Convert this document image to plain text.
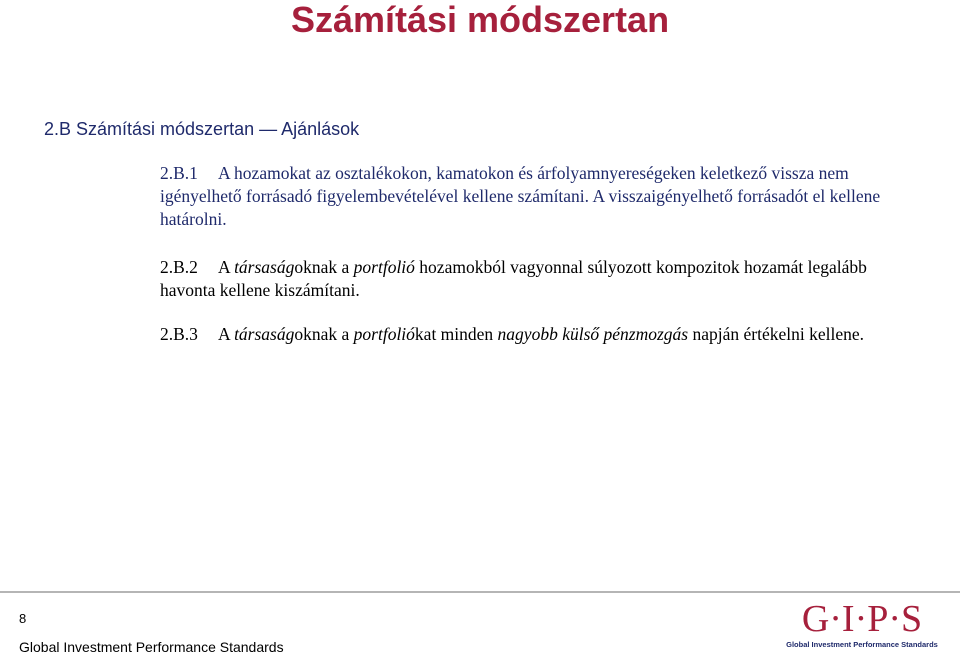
Számítási módszertan

2.B Számítási módszertan — Ajánlások

2.B.1 A hozamokat az osztalékokon, kamatokon és árfolyamnyereségeken keletkező vissza nem igényelhető forrásadó figyelembevételével kellene számítani. A visszaigényelhető forrásadót el kellene határolni.

2.B.2 A társaságoknak a portfolió hozamokból vagyonnal súlyozott kompozitok hozamát legalább havonta kellene kiszámítani.

2.B.3 A társaságoknak a portfoliókat minden nagyobb külső pénzmozgás napján értékelni kellene.

8
Global Investment Performance Standards
G·I·P·S
Global Investment Performance Standards
